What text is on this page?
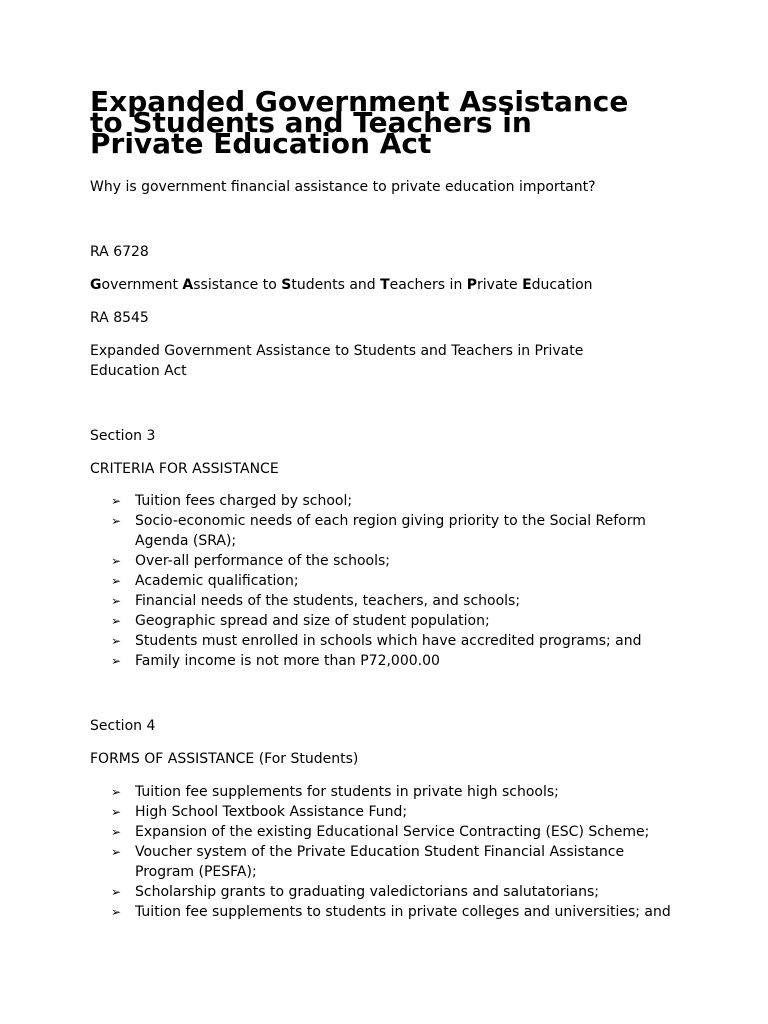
Expanded Government Assistance to Students and Teachers in Private Education Act

Why is government financial assistance to private education important?

RA 6728

Government Assistance to Students and Teachers in Private Education

RA 8545

Expanded Government Assistance to Students and Teachers in Private Education Act

Section 3

CRITERIA FOR ASSISTANCE

➢ Tuition fees charged by school;
➢ Socio-economic needs of each region giving priority to the Social Reform Agenda (SRA);
➢ Over-all performance of the schools;
➢ Academic qualification;
➢ Financial needs of the students, teachers, and schools;
➢ Geographic spread and size of student population;
➢ Students must enrolled in schools which have accredited programs; and
➢ Family income is not more than P72,000.00

Section 4

FORMS OF ASSISTANCE (For Students)

➢ Tuition fee supplements for students in private high schools;
➢ High School Textbook Assistance Fund;
➢ Expansion of the existing Educational Service Contracting (ESC) Scheme;
➢ Voucher system of the Private Education Student Financial Assistance Program (PESFA);
➢ Scholarship grants to graduating valedictorians and salutatorians;
➢ Tuition fee supplements to students in private colleges and universities; and
